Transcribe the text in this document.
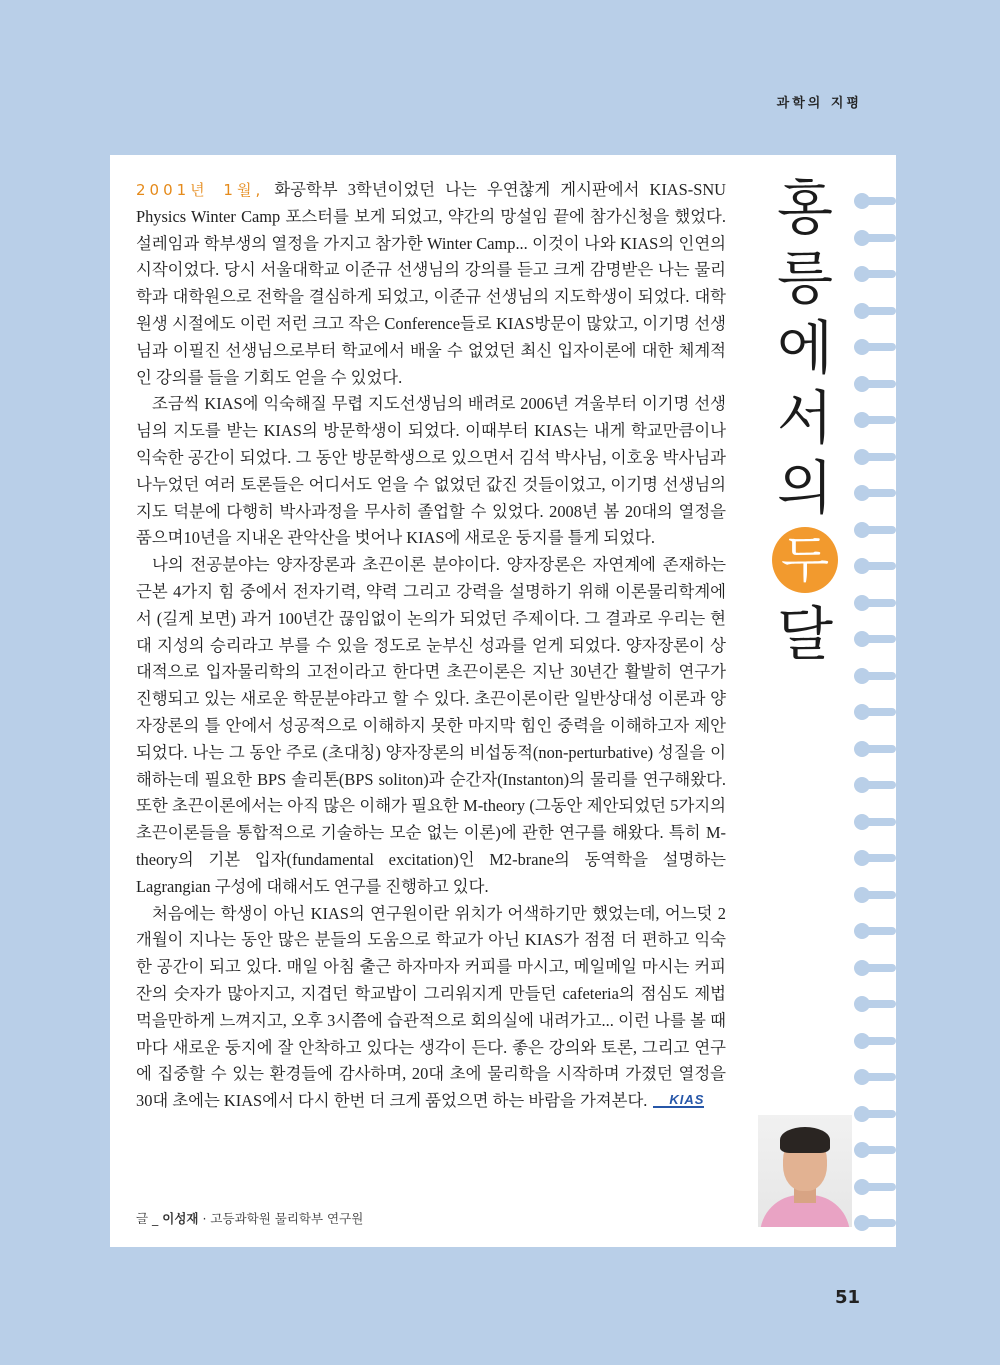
과학의 지평

2001년 1월, 화공학부 3학년이었던 나는 우연찮게 게시판에서 KIAS-SNU Physics Winter Camp 포스터를 보게 되었고, 약간의 망설임 끝에 참가신청을 했었다. 설레임과 학부생의 열정을 가지고 참가한 Winter Camp... 이것이 나와 KIAS의 인연의 시작이었다. 당시 서울대학교 이준규 선생님의 강의를 듣고 크게 감명받은 나는 물리학과 대학원으로 전학을 결심하게 되었고, 이준규 선생님의 지도학생이 되었다. 대학원생 시절에도 이런 저런 크고 작은 Conference들로 KIAS방문이 많았고, 이기명 선생님과 이필진 선생님으로부터 학교에서 배울 수 없었던 최신 입자이론에 대한 체계적인 강의를 들을 기회도 얻을 수 있었다.

조금씩 KIAS에 익숙해질 무렵 지도선생님의 배려로 2006년 겨울부터 이기명 선생님의 지도를 받는 KIAS의 방문학생이 되었다. 이때부터 KIAS는 내게 학교만큼이나 익숙한 공간이 되었다. 그 동안 방문학생으로 있으면서 김석 박사님, 이호웅 박사님과 나누었던 여러 토론들은 어디서도 얻을 수 없었던 값진 것들이었고, 이기명 선생님의 지도 덕분에 다행히 박사과정을 무사히 졸업할 수 있었다. 2008년 봄 20대의 열정을 품으며10년을 지내온 관악산을 벗어나 KIAS에 새로운 둥지를 틀게 되었다.

나의 전공분야는 양자장론과 초끈이론 분야이다. 양자장론은 자연계에 존재하는 근본 4가지 힘 중에서 전자기력, 약력 그리고 강력을 설명하기 위해 이론물리학계에서 (길게 보면) 과거 100년간 끊임없이 논의가 되었던 주제이다. 그 결과로 우리는 현대 지성의 승리라고 부를 수 있을 정도로 눈부신 성과를 얻게 되었다. 양자장론이 상대적으로 입자물리학의 고전이라고 한다면 초끈이론은 지난 30년간 활발히 연구가 진행되고 있는 새로운 학문분야라고 할 수 있다. 초끈이론이란 일반상대성 이론과 양자장론의 틀 안에서 성공적으로 이해하지 못한 마지막 힘인 중력을 이해하고자 제안되었다. 나는 그 동안 주로 (초대칭) 양자장론의 비섭동적(non-perturbative) 성질을 이해하는데 필요한 BPS 솔리톤(BPS soliton)과 순간자(Instanton)의 물리를 연구해왔다. 또한 초끈이론에서는 아직 많은 이해가 필요한 M-theory (그동안 제안되었던 5가지의 초끈이론들을 통합적으로 기술하는 모순 없는 이론)에 관한 연구를 해왔다. 특히 M-theory의 기본 입자(fundamental excitation)인 M2-brane의 동역학을 설명하는 Lagrangian 구성에 대해서도 연구를 진행하고 있다.

처음에는 학생이 아닌 KIAS의 연구원이란 위치가 어색하기만 했었는데, 어느덧 2개월이 지나는 동안 많은 분들의 도움으로 학교가 아닌 KIAS가 점점 더 편하고 익숙한 공간이 되고 있다. 매일 아침 출근 하자마자 커피를 마시고, 메일메일 마시는 커피잔의 숫자가 많아지고, 지겹던 학교밥이 그리워지게 만들던 cafeteria의 점심도 제법 먹을만하게 느껴지고, 오후 3시쯤에 습관적으로 회의실에 내려가고... 이런 나를 볼 때마다 새로운 둥지에 잘 안착하고 있다는 생각이 든다. 좋은 강의와 토론, 그리고 연구에 집중할 수 있는 환경들에 감사하며, 20대 초에 물리학을 시작하며 가졌던 열정을 30대 초에는 KIAS에서 다시 한번 더 크게 품었으면 하는 바람을 가져본다. KIAS

홍
릉
에
서
의
두
달
글 _ 이성재 · 고등과학원 물리학부 연구원
51
